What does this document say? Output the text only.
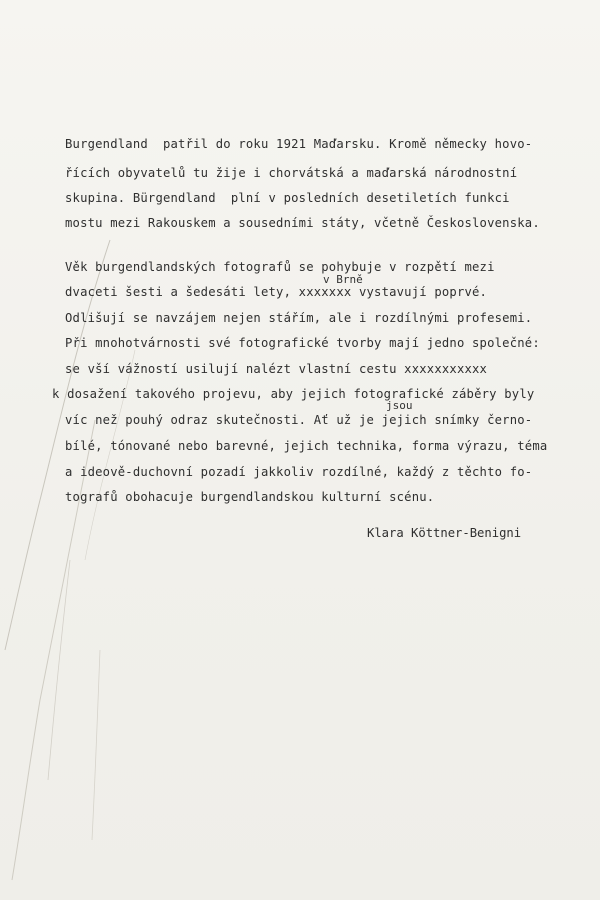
Burgendland  patřil do roku 1921 Maďarsku. Kromě německy hovo-
řících obyvatelů tu žije i chorvátská a maďarská národnostní
skupina. Bürgendland  plní v posledních desetiletích funkci
mostu mezi Rakouskem a sousedními státy, včetně Československa.
Věk burgendlandských fotografů se pohybuje v rozpětí mezi
v Brně
dvaceti šesti a šedesáti lety, xxxxxxx vystavují poprvé.
Odlišují se navzájem nejen stářím, ale i rozdílnými profesemi.
Při mnohotvárnosti své fotografické tvorby mají jedno společné:
se vší vážností usilují nalézt vlastní cestu xxxxxxxxxxx
k dosažení takového projevu, aby jejich fotografické záběry byly
jsou
víc než pouhý odraz skutečnosti. Ať už je jejich snímky černo-
bílé, tónované nebo barevné, jejich technika, forma výrazu, téma
a ideově-duchovní pozadí jakkoliv rozdílné, každý z těchto fo-
tografů obohacuje burgendlandskou kulturní scénu.
Klara Köttner-Benigni
